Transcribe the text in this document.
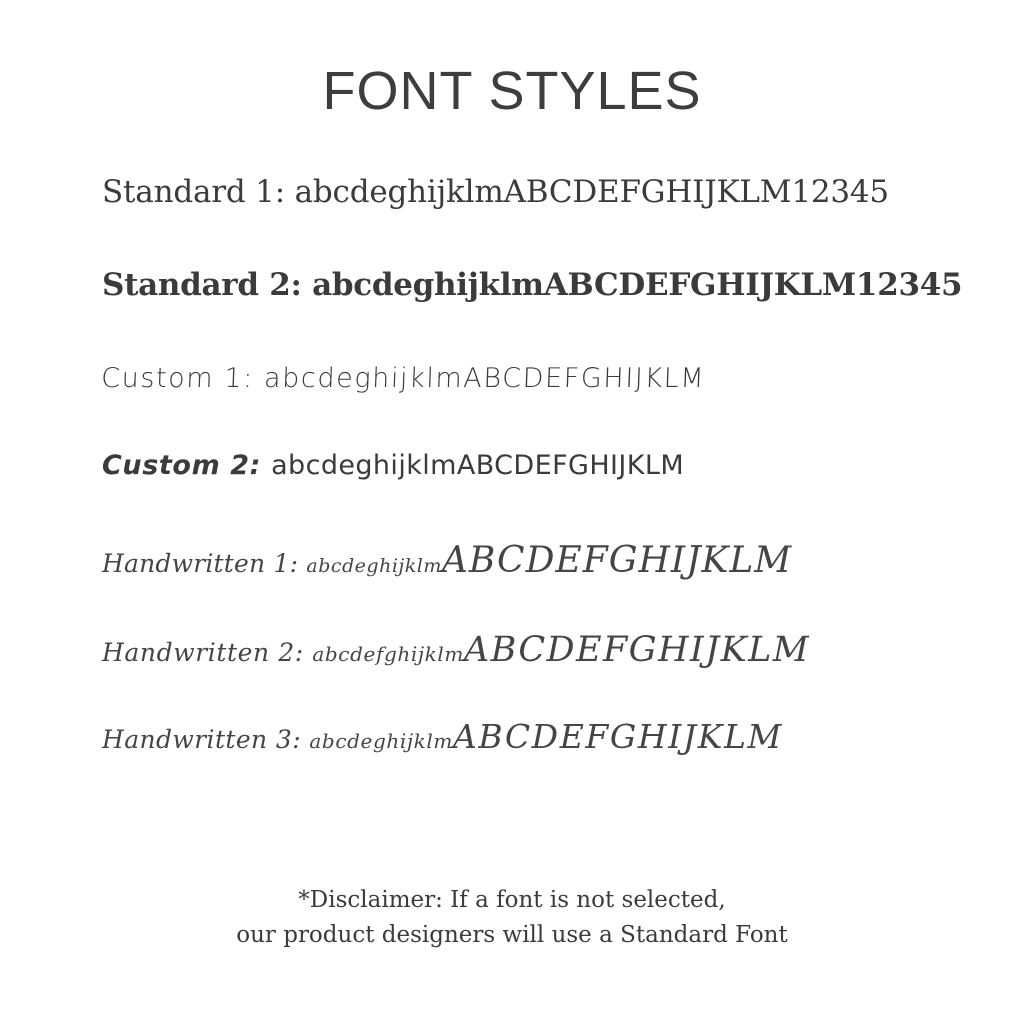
FONT STYLES
Standard 1: abcdeghijklmABCDEFGHIJKLM12345
Standard 2: abcdeghijklmABCDEFGHIJKLM12345
Custom 1: abcdeghijklmABCDEFGHIJKLM
Custom 2: abcdeghijklmABCDEFGHIJKLM
Handwritten 1: abcdeghijklmABCDEFGHIJKLM
Handwritten 2: abcdefghijklmABCDEFGHIJKLM
Handwritten 3: abcdeghijklmABCDEFGHIJKLM
*Disclaimer: If a font is not selected,
our product designers will use a Standard Font
